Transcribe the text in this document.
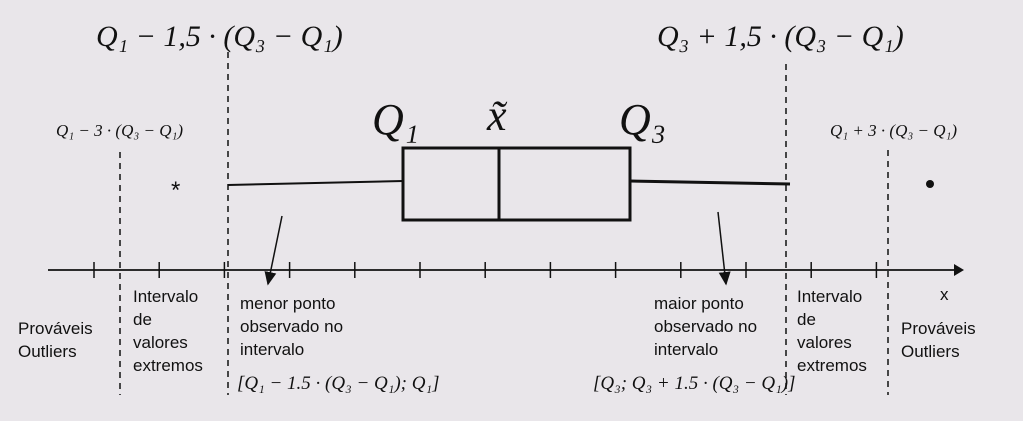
Q₁ − 1,5 · (Q₃ − Q₁)	Q₃ + 1,5 · (Q₃ − Q₁)
Q₁ − 3 · (Q₃ − Q₁)	Q₁ + 3 · (Q₃ − Q₁)
Q₁ x̃	Q₃
*
x
Prováveis
Outliers
Intervalo
de
valores
extremos
menor ponto
observado no
intervalo
[Q₁ − 1.5 · (Q₃ − Q₁); Q₁]
maior ponto
observado no
intervalo
[Q₃; Q₃ + 1.5 · (Q₃ − Q₁)]
Intervalo
de
valores
extremos
Prováveis
Outliers
